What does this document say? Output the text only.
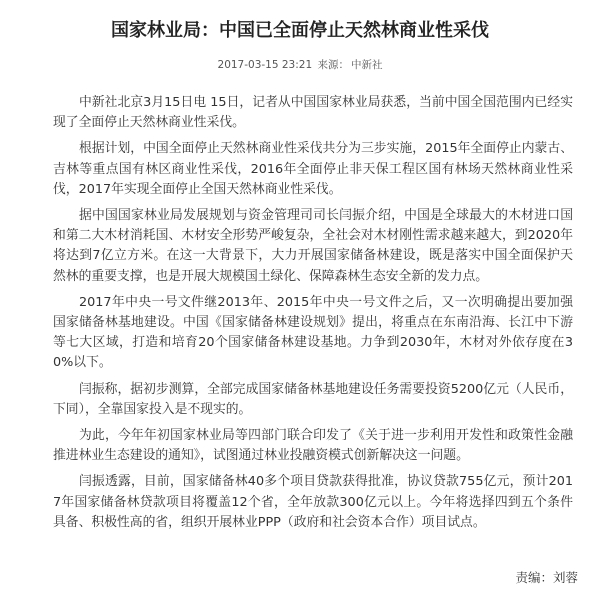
国家林业局：中国已全面停止天然林商业性采伐
2017-03-15 23:21 来源： 中新社

中新社北京3月15日电 15日，记者从中国国家林业局获悉，当前中国全国范围内已经实现了全面停止天然林商业性采伐。

根据计划，中国全面停止天然林商业性采伐共分为三步实施，2015年全面停止内蒙古、吉林等重点国有林区商业性采伐，2016年全面停止非天保工程区国有林场天然林商业性采伐，2017年实现全面停止全国天然林商业性采伐。

据中国国家林业局发展规划与资金管理司司长闫振介绍，中国是全球最大的木材进口国和第二大木材消耗国、木材安全形势严峻复杂，全社会对木材刚性需求越来越大，到2020年将达到7亿立方米。在这一大背景下，大力开展国家储备林建设，既是落实中国全面保护天然林的重要支撑，也是开展大规模国土绿化、保障森林生态安全新的发力点。

2017年中央一号文件继2013年、2015年中央一号文件之后，又一次明确提出要加强国家储备林基地建设。中国《国家储备林建设规划》提出，将重点在东南沿海、长江中下游等七大区域，打造和培育20个国家储备林建设基地。力争到2030年，木材对外依存度在30%以下。

闫振称，据初步测算，全部完成国家储备林基地建设任务需要投资5200亿元（人民币，下同），全靠国家投入是不现实的。

为此，今年年初国家林业局等四部门联合印发了《关于进一步利用开发性和政策性金融推进林业生态建设的通知》，试图通过林业投融资模式创新解决这一问题。

闫振透露，目前，国家储备林40多个项目贷款获得批准，协议贷款755亿元，预计2017年国家储备林贷款项目将覆盖12个省，全年放款300亿元以上。今年将选择四到五个条件具备、积极性高的省，组织开展林业PPP（政府和社会资本合作）项目试点。

责编：刘蓉
